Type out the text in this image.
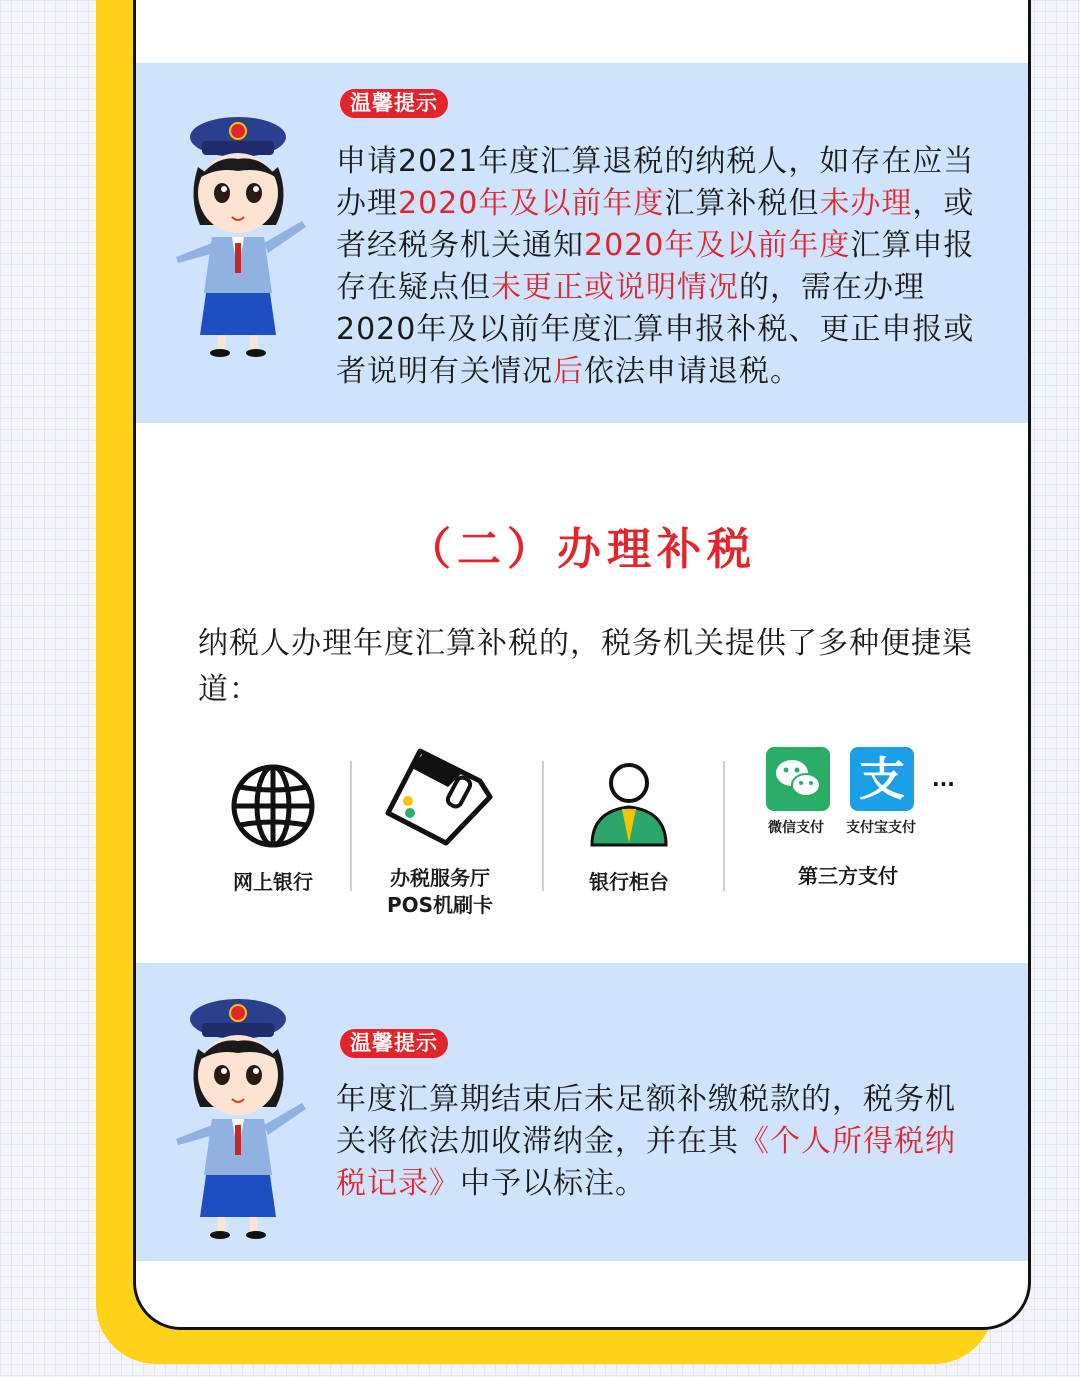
温馨提示
申请2021年度汇算退税的纳税人，如存在应当办理2020年及以前年度汇算补税但未办理，或者经税务机关通知2020年及以前年度汇算申报存在疑点但未更正或说明情况的，需在办理2020年及以前年度汇算申报补税、更正申报或者说明有关情况后依法申请退税。
（二）办理补税
纳税人办理年度汇算补税的，税务机关提供了多种便捷渠道：
网上银行	办税服务厅
POS机刷卡
银行柜台
支	...
微信支付 支付宝支付
第三方支付
温馨提示
年度汇算期结束后未足额补缴税款的，税务机关将依法加收滞纳金，并在其《个人所得税纳税记录》中予以标注。
